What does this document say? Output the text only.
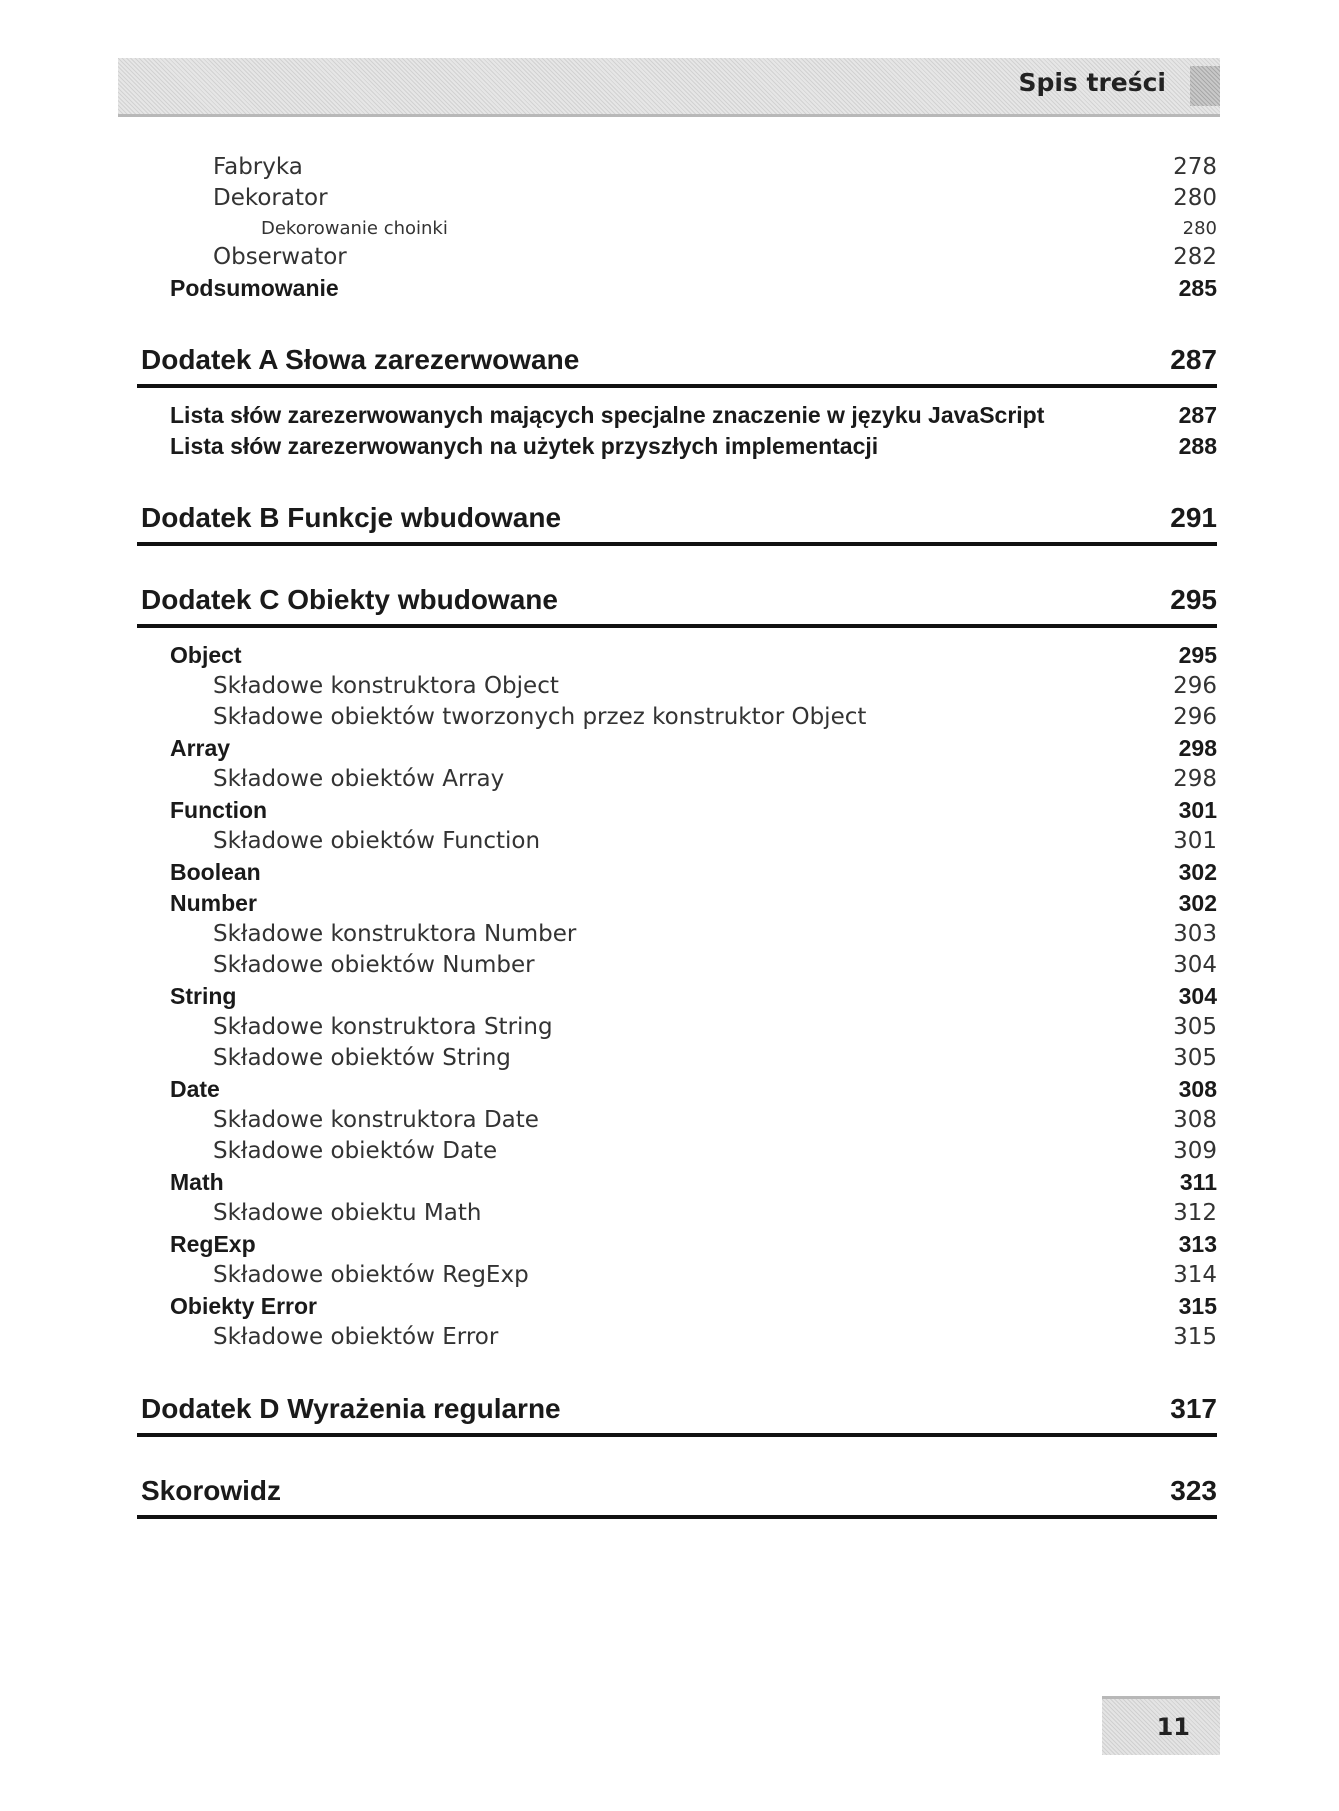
Spis treści
Fabryka	278
Dekorator	280
Dekorowanie choinki	280
Obserwator	282
Podsumowanie	285
Dodatek A Słowa zarezerwowane	287
Lista słów zarezerwowanych mających specjalne znaczenie w języku JavaScript	287
Lista słów zarezerwowanych na użytek przyszłych implementacji	288
Dodatek B Funkcje wbudowane	291
Dodatek C Obiekty wbudowane	295
Object	295
Składowe konstruktora Object	296
Składowe obiektów tworzonych przez konstruktor Object	296
Array	298
Składowe obiektów Array	298
Function	301
Składowe obiektów Function	301
Boolean	302
Number	302
Składowe konstruktora Number	303
Składowe obiektów Number	304
String	304
Składowe konstruktora String	305
Składowe obiektów String	305
Date	308
Składowe konstruktora Date	308
Składowe obiektów Date	309
Math	311
Składowe obiektu Math	312
RegExp	313
Składowe obiektów RegExp	314
Obiekty Error	315
Składowe obiektów Error	315
Dodatek D Wyrażenia regularne	317
Skorowidz	323
11
